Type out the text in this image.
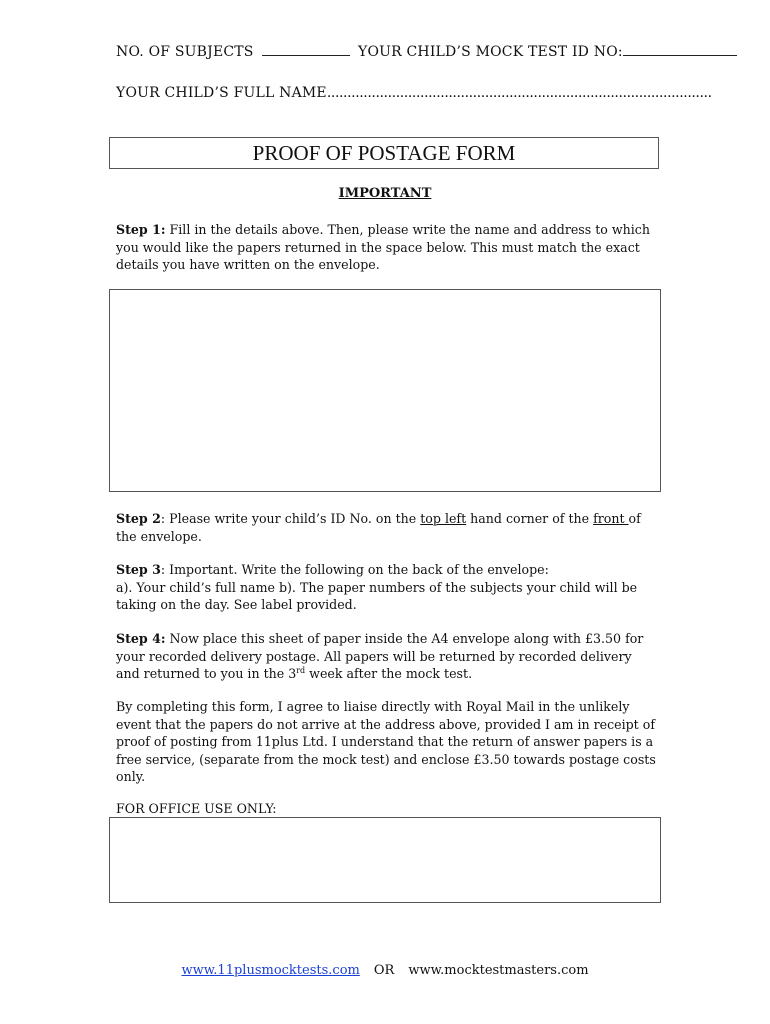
NO. OF SUBJECTS	YOUR CHILD’S MOCK TEST ID NO:
YOUR CHILD’S FULL NAME...............................................................................................
PROOF OF POSTAGE FORM
IMPORTANT
Step 1: Fill in the details above. Then, please write the name and address to which you would like the papers returned in the space below. This must match the exact details you have written on the envelope.
Step 2: Please write your child’s ID No. on the top left hand corner of the front of the envelope.
Step 3: Important. Write the following on the back of the envelope:
a). Your child’s full name b). The paper numbers of the subjects your child will be taking on the day. See label provided.
Step 4: Now place this sheet of paper inside the A4 envelope along with £3.50 for your recorded delivery postage. All papers will be returned by recorded delivery and returned to you in the 3rd week after the mock test.
By completing this form, I agree to liaise directly with Royal Mail in the unlikely event that the papers do not arrive at the address above, provided I am in receipt of proof of posting from 11plus Ltd. I understand that the return of answer papers is a free service, (separate from the mock test) and enclose £3.50 towards postage costs only.
FOR OFFICE USE ONLY:
www.11plusmocktests.com OR www.mocktestmasters.com
